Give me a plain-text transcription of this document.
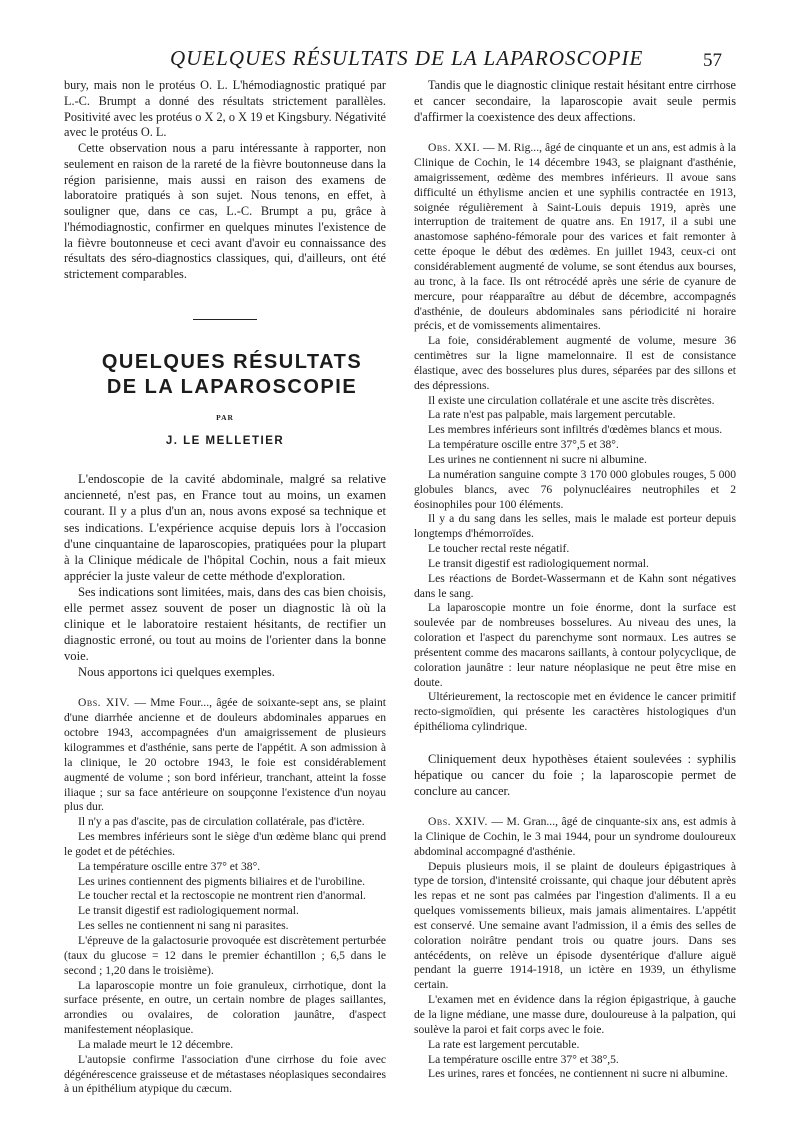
QUELQUES RÉSULTATS DE LA LAPAROSCOPIE	57

bury, mais non le protéus O. L. L'hémodiagnostic pratiqué par L.-C. Brumpt a donné des résultats strictement parallèles. Positivité avec les protéus o X 2, o X 19 et Kingsbury. Négativité avec le protéus O. L.

Cette observation nous a paru intéressante à rapporter, non seulement en raison de la rareté de la fièvre boutonneuse dans la région parisienne, mais aussi en raison des examens de laboratoire pratiqués à son sujet. Nous tenons, en effet, à souligner que, dans ce cas, L.-C. Brumpt a pu, grâce à l'hémodiagnostic, confirmer en quelques minutes l'existence de la fièvre boutonneuse et ceci avant d'avoir eu connaissance des résultats des séro-diagnostics classiques, qui, d'ailleurs, ont été strictement comparables.

QUELQUES RÉSULTATS

DE LA LAPAROSCOPIE

PAR
J. LE MELLETIER

L'endoscopie de la cavité abdominale, malgré sa relative ancienneté, n'est pas, en France tout au moins, un examen courant. Il y a plus d'un an, nous avons exposé sa technique et ses indications. L'expérience acquise depuis lors à l'occasion d'une cinquantaine de laparoscopies, pratiquées pour la plupart à la Clinique médicale de l'hôpital Cochin, nous a fait mieux apprécier la juste valeur de cette méthode d'exploration.

Ses indications sont limitées, mais, dans des cas bien choisis, elle permet assez souvent de poser un diagnostic là où la clinique et le laboratoire restaient hésitants, de rectifier un diagnostic erroné, ou tout au moins de l'orienter dans la bonne voie.

Nous apportons ici quelques exemples.

Obs. XIV. — Mme Four..., âgée de soixante-sept ans, se plaint d'une diarrhée ancienne et de douleurs abdominales apparues en octobre 1943, accompagnées d'un amaigrissement de plusieurs kilogrammes et d'asthénie, sans perte de l'appétit. A son admission à la clinique, le 20 octobre 1943, le foie est considérablement augmenté de volume ; son bord inférieur, tranchant, atteint la fosse iliaque ; sur sa face antérieure on soupçonne l'existence d'un noyau plus dur.

Il n'y a pas d'ascite, pas de circulation collatérale, pas d'ictère.

Les membres inférieurs sont le siège d'un œdème blanc qui prend le godet et de pétéchies.

La température oscille entre 37° et 38°.

Les urines contiennent des pigments biliaires et de l'urobiline.

Le toucher rectal et la rectoscopie ne montrent rien d'anormal.

Le transit digestif est radiologiquement normal.

Les selles ne contiennent ni sang ni parasites.

L'épreuve de la galactosurie provoquée est discrètement perturbée (taux du glucose = 12 dans le premier échantillon ; 6,5 dans le second ; 1,20 dans le troisième).

La laparoscopie montre un foie granuleux, cirrhotique, dont la surface présente, en outre, un certain nombre de plages saillantes, arrondies ou ovalaires, de coloration jaunâtre, d'aspect manifestement néoplasique.

La malade meurt le 12 décembre.

L'autopsie confirme l'association d'une cirrhose du foie avec dégénérescence graisseuse et de métastases néoplasiques secondaires à un épithélium atypique du cæcum.

Tandis que le diagnostic clinique restait hésitant entre cirrhose et cancer secondaire, la laparoscopie avait seule permis d'affirmer la coexistence des deux affections.

Obs. XXI. — M. Rig..., âgé de cinquante et un ans, est admis à la Clinique de Cochin, le 14 décembre 1943, se plaignant d'asthénie, amaigrissement, œdème des membres inférieurs. Il avoue sans difficulté un éthylisme ancien et une syphilis contractée en 1913, soignée régulièrement à Saint-Louis depuis 1919, après une interruption de traitement de quatre ans. En 1917, il a subi une anastomose saphéno-fémorale pour des varices et fait remonter à cette époque le début des œdèmes. En juillet 1943, ceux-ci ont considérablement augmenté de volume, se sont étendus aux bourses, au tronc, à la face. Ils ont rétrocédé après une série de cyanure de mercure, pour réapparaître au début de décembre, accompagnés d'asthénie, de douleurs abdominales sans périodicité ni horaire précis, et de vomissements alimentaires.

La foie, considérablement augmenté de volume, mesure 36 centimètres sur la ligne mamelonnaire. Il est de consistance élastique, avec des bosselures plus dures, séparées par des sillons et des dépressions.

Il existe une circulation collatérale et une ascite très discrètes.

La rate n'est pas palpable, mais largement percutable.

Les membres inférieurs sont infiltrés d'œdèmes blancs et mous.

La température oscille entre 37°,5 et 38°.

Les urines ne contiennent ni sucre ni albumine.

La numération sanguine compte 3 170 000 globules rouges, 5 000 globules blancs, avec 76 polynucléaires neutrophiles et 2 éosinophiles pour 100 éléments.

Il y a du sang dans les selles, mais le malade est porteur depuis longtemps d'hémorroïdes.

Le toucher rectal reste négatif.

Le transit digestif est radiologiquement normal.

Les réactions de Bordet-Wassermann et de Kahn sont négatives dans le sang.

La laparoscopie montre un foie énorme, dont la surface est soulevée par de nombreuses bosselures. Au niveau des unes, la coloration et l'aspect du parenchyme sont normaux. Les autres se présentent comme des macarons saillants, à contour polycyclique, de coloration jaunâtre : leur nature néoplasique ne peut être mise en doute.

Ultérieurement, la rectoscopie met en évidence le cancer primitif recto-sigmoïdien, qui présente les caractères histologiques d'un épithélioma cylindrique.

Cliniquement deux hypothèses étaient soulevées : syphilis hépatique ou cancer du foie ; la laparoscopie permet de conclure au cancer.

Obs. XXIV. — M. Gran..., âgé de cinquante-six ans, est admis à la Clinique de Cochin, le 3 mai 1944, pour un syndrome douloureux abdominal accompagné d'asthénie.

Depuis plusieurs mois, il se plaint de douleurs épigastriques à type de torsion, d'intensité croissante, qui chaque jour débutent après les repas et ne sont pas calmées par l'ingestion d'aliments. Il a eu quelques vomissements bilieux, mais jamais alimentaires. L'appétit est conservé. Une semaine avant l'admission, il a émis des selles de coloration noirâtre pendant trois ou quatre jours. Dans ses antécédents, on relève un épisode dysentérique d'allure aiguë pendant la guerre 1914-1918, un ictère en 1939, un éthylisme certain.

L'examen met en évidence dans la région épigastrique, à gauche de la ligne médiane, une masse dure, douloureuse à la palpation, qui soulève la paroi et fait corps avec le foie.

La rate est largement percutable.

La température oscille entre 37° et 38°,5.

Les urines, rares et foncées, ne contiennent ni sucre ni albumine.
